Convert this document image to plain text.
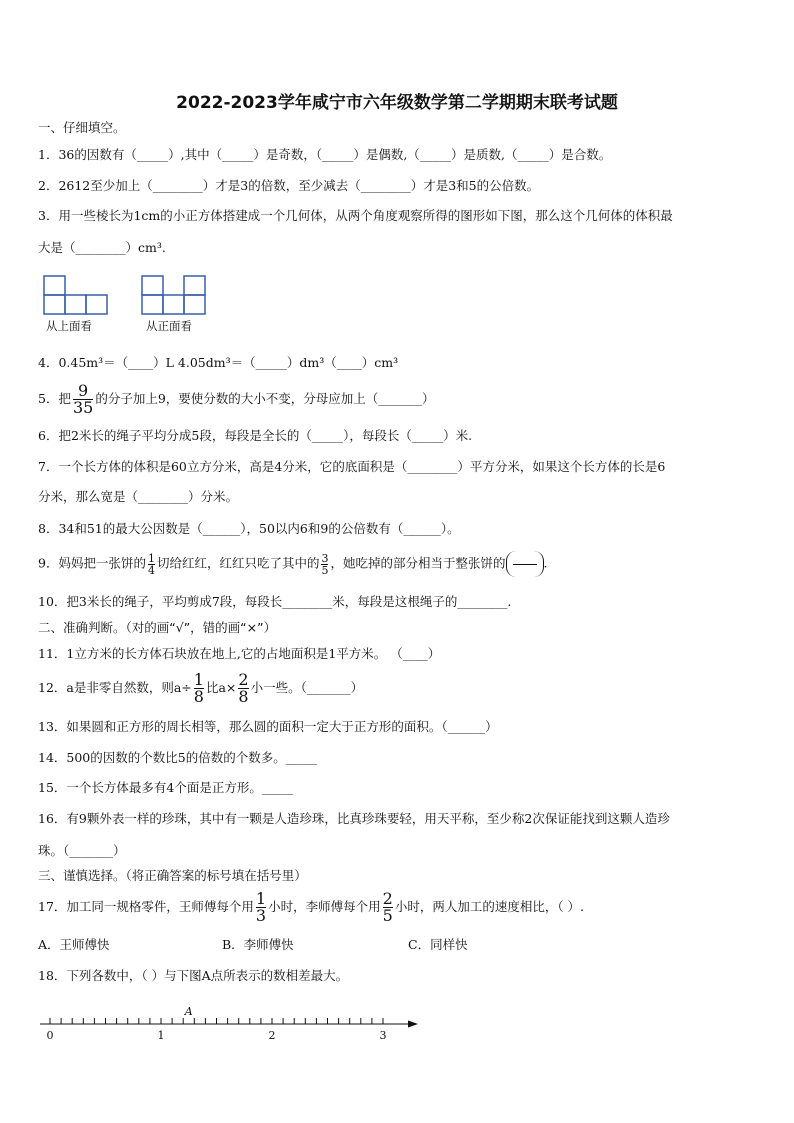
2022-2023学年咸宁市六年级数学第二学期期末联考试题
一、仔细填空。
1．36的因数有（_____）,其中（_____）是奇数，（_____）是偶数,（_____）是质数,（_____）是合数。
2．2612至少加上（________）才是3的倍数，至少减去（________）才是3和5的公倍数。
3．用一些棱长为1cm的小正方体搭建成一个几何体，从两个角度观察所得的图形如下图，那么这个几何体的体积最
大是（________）cm³.
从上面看	从正面看
4．0.45m³＝（____）L 4.05dm³＝（_____）dm³（____）cm³
5．把 $\frac{9}{35}$ 的分子加上9，要使分数的大小不变，分母应加上（_______）
6．把2米长的绳子平均分成5段，每段是全长的（_____），每段长（_____）米.
7．一个长方体的体积是60立方分米，高是4分米，它的底面积是（________）平方分米，如果这个长方体的长是6
分米，那么宽是（________）分米。
8．34和51的最大公因数是（______），50以内6和9的公倍数有（______）。
9．妈妈把一张饼的 $\frac{1}{4}$ 切给红红，红红只吃了其中的 $\frac{3}{5}$ ，她吃掉的部分相当于整张饼的	.
10．把3米长的绳子，平均剪成7段，每段长________米，每段是这根绳子的________.
二、准确判断。（对的画“√”，错的画“×”）
11．1立方米的长方体石块放在地上,它的占地面积是1平方米。 （____）
12．a是非零自然数，则$a\div \frac{1}{8}$ 比$a\times \frac{2}{8}$ 小一些。（_______）
13．如果圆和正方形的周长相等，那么圆的面积一定大于正方形的面积。（______）
14．500的因数的个数比5的倍数的个数多。_____
15．一个长方体最多有4个面是正方形。_____
16．有9颗外表一样的珍珠，其中有一颗是人造珍珠，比真珍珠要轻，用天平称，至少称2次保证能找到这颗人造珍
珠。（_______）
三、谨慎选择。（将正确答案的标号填在括号里）
17．加工同一规格零件，王师傅每个用 $\frac{1}{3}$ 小时，李师傅每个用 $\frac{2}{5}$ 小时，两人加工的速度相比，（ ）.
A．王师傅快	B．李师傅快	C．同样快
18．下列各数中，（ ）与下图A点所表示的数相差最大。
0	1	2	3
A
